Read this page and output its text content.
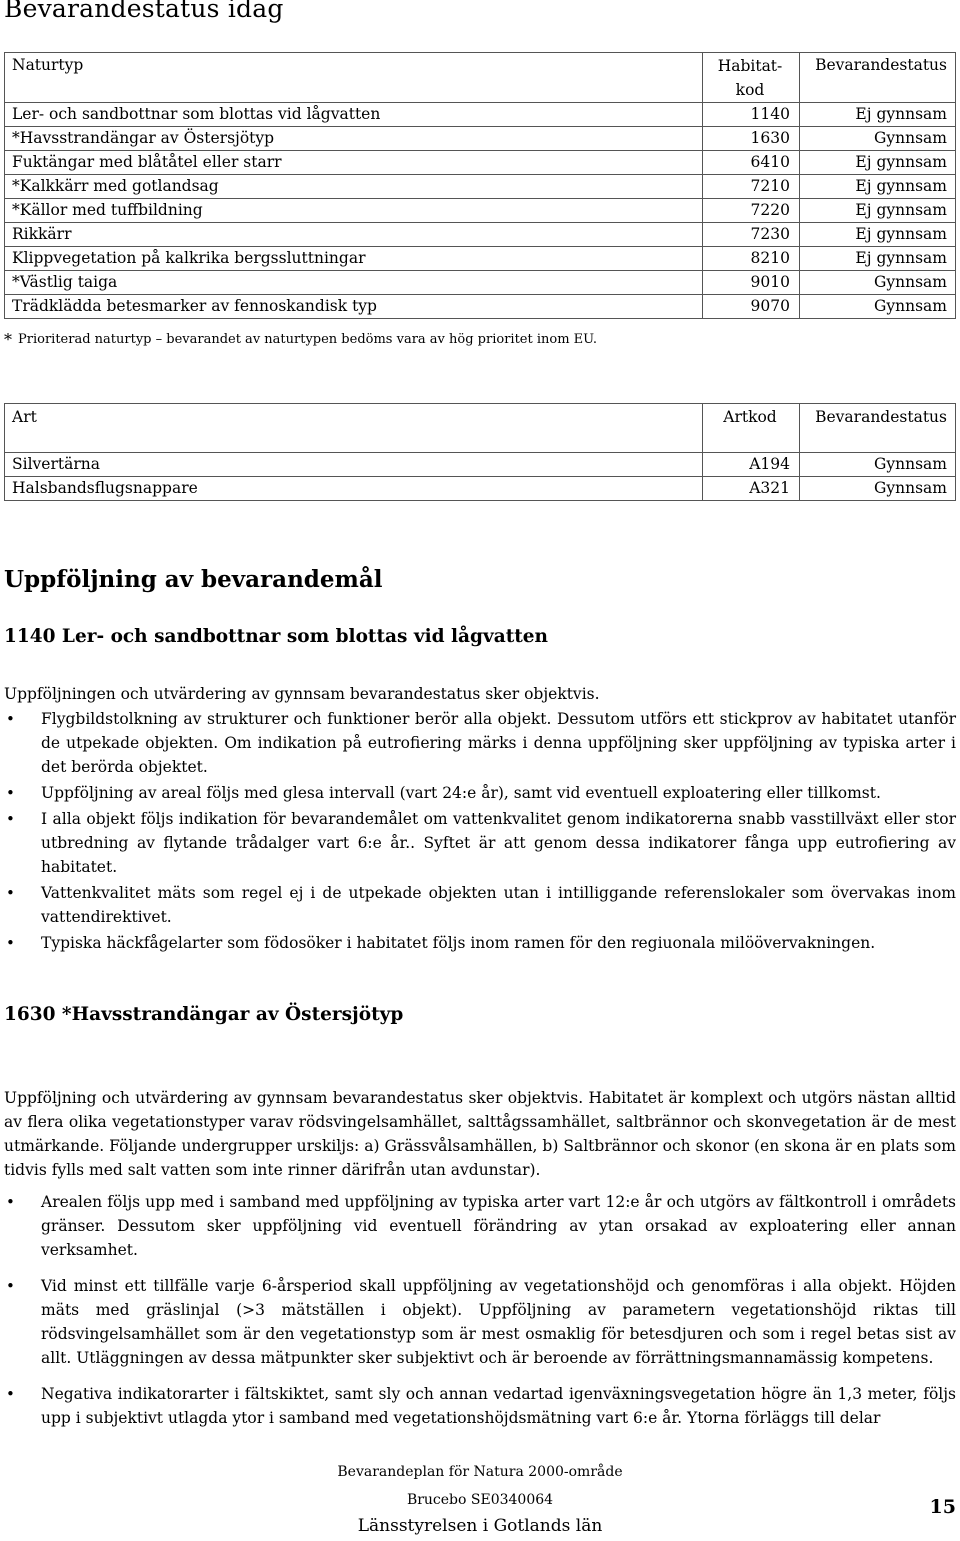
Bevarandestatus idag
Naturtyp	Habitat-kod	Bevarandestatus
Ler- och sandbottnar som blottas vid lågvatten	1140	Ej gynnsam
*Havsstrandängar av Östersjötyp	1630	Gynnsam
Fuktängar med blåtåtel eller starr	6410	Ej gynnsam
*Kalkkärr med gotlandsag	7210	Ej gynnsam
*Källor med tuffbildning	7220	Ej gynnsam
Rikkärr	7230	Ej gynnsam
Klippvegetation på kalkrika bergssluttningar	8210	Ej gynnsam
*Västlig taiga	9010	Gynnsam
Trädklädda betesmarker av fennoskandisk typ	9070	Gynnsam
* Prioriterad naturtyp – bevarandet av naturtypen bedöms vara av hög prioritet inom EU.
Art	Artkod	Bevarandestatus
Silvertärna	A194	Gynnsam
Halsbandsflugsnappare	A321	Gynnsam
Uppföljning av bevarandemål
1140 Ler- och sandbottnar som blottas vid lågvatten

Uppföljningen och utvärdering av gynnsam bevarandestatus sker objektvis.

• Flygbildstolkning av strukturer och funktioner berör alla objekt. Dessutom utförs ett stickprov av habitatet utanför de utpekade objekten. Om indikation på eutrofiering märks i denna uppföljning sker uppföljning av typiska arter i det berörda objektet.
• Uppföljning av areal följs med glesa intervall (vart 24:e år), samt vid eventuell exploatering eller tillkomst.
• I alla objekt följs indikation för bevarandemålet om vattenkvalitet genom indikatorerna snabb vasstillväxt eller stor utbredning av flytande trådalger vart 6:e år.. Syftet är att genom dessa indikatorer fånga upp eutrofiering av habitatet.
• Vattenkvalitet mäts som regel ej i de utpekade objekten utan i intilliggande referenslokaler som övervakas inom vattendirektivet.
• Typiska häckfågelarter som födosöker i habitatet följs inom ramen för den regiuonala milöövervakningen.
1630 *Havsstrandängar av Östersjötyp

Uppföljning och utvärdering av gynnsam bevarandestatus sker objektvis. Habitatet är komplext och utgörs nästan alltid av flera olika vegetationstyper varav rödsvingelsamhället, salttågssamhället, saltbrännor och skonvegetation är de mest utmärkande. Följande undergrupper urskiljs: a) Grässvålsamhällen, b) Saltbrännor och skonor (en skona är en plats som tidvis fylls med salt vatten som inte rinner därifrån utan avdunstar).

• Arealen följs upp med i samband med uppföljning av typiska arter vart 12:e år och utgörs av fältkontroll i områdets gränser. Dessutom sker uppföljning vid eventuell förändring av ytan orsakad av exploatering eller annan verksamhet.
• Vid minst ett tillfälle varje 6-årsperiod skall uppföljning av vegetationshöjd och genomföras i alla objekt. Höjden mäts med gräslinjal (>3 mätställen i objekt). Uppföljning av parametern vegetationshöjd riktas till rödsvingelsamhället som är den vegetationstyp som är mest osmaklig för betesdjuren och som i regel betas sist av allt. Utläggningen av dessa mätpunkter sker subjektivt och är beroende av förrättningsmannamässig kompetens.
• Negativa indikatorarter i fältskiktet, samt sly och annan vedartad igenväxningsvegetation högre än 1,3 meter, följs upp i subjektivt utlagda ytor i samband med vegetationshöjdsmätning vart 6:e år. Ytorna förläggs till delar
Bevarandeplan för Natura 2000-område
Brucebo SE0340064
Länsstyrelsen i Gotlands län
15
